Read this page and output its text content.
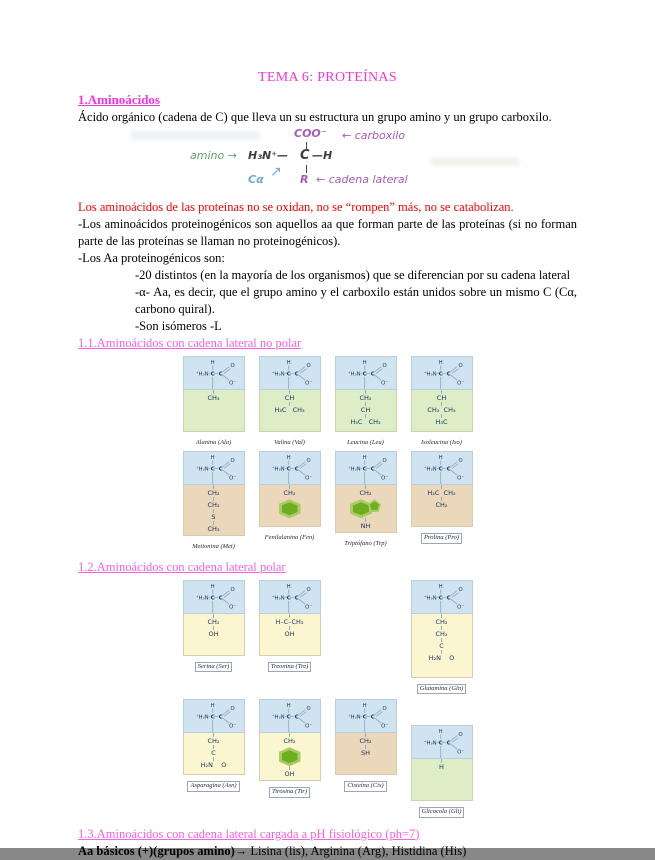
TEMA 6: PROTEÍNAS
1.Aminoácidos

Ácido orgánico (cadena de C) que lleva un su estructura un grupo amino y un grupo carboxilo.

COO⁻ ← carboxilo
amino → H₃N⁺— C —H
Cα ↗ R ← cadena lateral

Los aminoácidos de las proteínas no se oxidan, no se “rompen” más, no se catabolizan.

-Los aminoácidos proteinogénicos son aquellos aa que forman parte de las proteínas (si no forman parte de las proteínas se llaman no proteinogénicos).

-Los Aa proteinogénicos son:

-20 distintos (en la mayoría de los organismos) que se diferencian por su cadena lateral

-α- Aa, es decir, que el grupo amino y el carboxilo están unidos sobre un mismo C (Cα, carbono quiral).

-Son isómeros -L

1.1.Aminoácidos con cadena lateral no polar
H
⁺H₃N C C
O
O⁻
CH₃
Alanina (Ala)
H
⁺H₃N C C
O
O⁻
CH
H₃C   CH₃
Valina (Val)
H
⁺H₃N C C
O
O⁻
CH₂
CH
H₃C   CH₃
Leucina (Leu)
H
⁺H₃N C C
O
O⁻
CH
CH₂  CH₃
H₃C
Isoleucina (Iso)
H
⁺H₃N C C
O
O⁻
CH₂
CH₂
S
CH₃
Metionina (Met)
H
⁺H₃N C C
O
O⁻
CH₂
Fenilalanina (Fen)
H
⁺H₃N C C
O
O⁻
CH₂
NH
Triptófano (Trp)
H
⁺H₃N C C
O
O⁻
H₂C  CH₂
CH₂
Prolina (Pro)
1.2.Aminoácidos con cadena lateral polar
H
⁺H₃N C C
O
O⁻
CH₂
OH
Serina (Ser)
H
⁺H₃N C C
O
O⁻
H–C–CH₃
OH
Treonina (Tre)
H
⁺H₃N C C
O
O⁻
CH₂
CH₂
C
H₂N    O
Glutamina (Gln)
H
⁺H₃N C C
O
O⁻
CH₂
C
H₂N    O
Asparagina (Asn)
H
⁺H₃N C C
O
O⁻
CH₂
OH
Tirosina (Tir)
H
⁺H₃N C C
O
O⁻
CH₂
SH
Cisteína (Cis)
H
⁺H₃N C C
O
O⁻
H
Glicocola (Gli)
1.3.Aminoácidos con cadena lateral cargada a pH fisiológico (ph=7)

Aa básicos (+)(grupos amino)→ Lisina (lis), Arginina (Arg), Histidina (His)
